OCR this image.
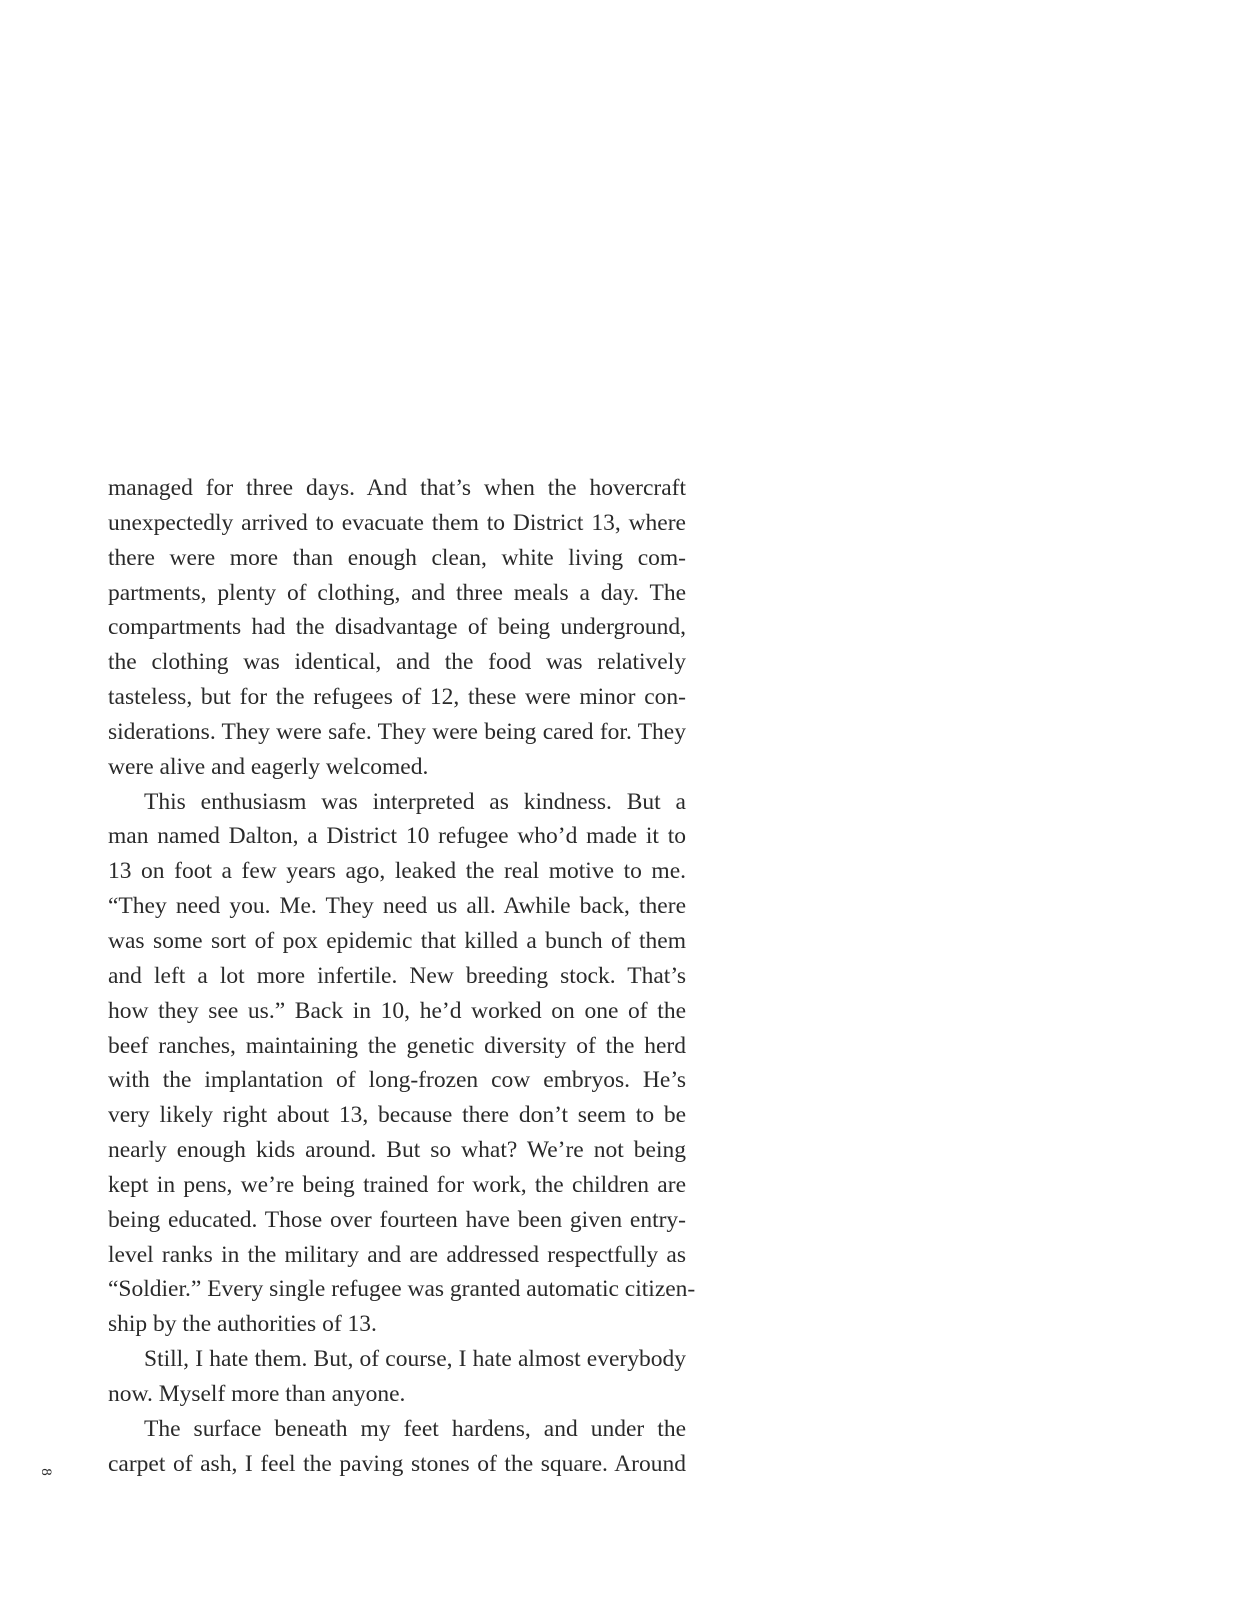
managed for three days. And that’s when the hovercraft
unexpectedly arrived to evacuate them to District 13, where
there were more than enough clean, white living com-
partments, plenty of clothing, and three meals a day. The
compartments had the disadvantage of being underground,
the clothing was identical, and the food was relatively
tasteless, but for the refugees of 12, these were minor con-
siderations. They were safe. They were being cared for. They
were alive and eagerly welcomed.
This enthusiasm was interpreted as kindness. But a
man named Dalton, a District 10 refugee who’d made it to
13 on foot a few years ago, leaked the real motive to me.
“They need you. Me. They need us all. Awhile back, there
was some sort of pox epidemic that killed a bunch of them
and left a lot more infertile. New breeding stock. That’s
how they see us.” Back in 10, he’d worked on one of the
beef ranches, maintaining the genetic diversity of the herd
with the implantation of long-frozen cow embryos. He’s
very likely right about 13, because there don’t seem to be
nearly enough kids around. But so what? We’re not being
kept in pens, we’re being trained for work, the children are
being educated. Those over fourteen have been given entry-
level ranks in the military and are addressed respectfully as
“Soldier.” Every single refugee was granted automatic citizen-
ship by the authorities of 13.
Still, I hate them. But, of course, I hate almost everybody
now. Myself more than anyone.
The surface beneath my feet hardens, and under the
carpet of ash, I feel the paving stones of the square. Around
8
